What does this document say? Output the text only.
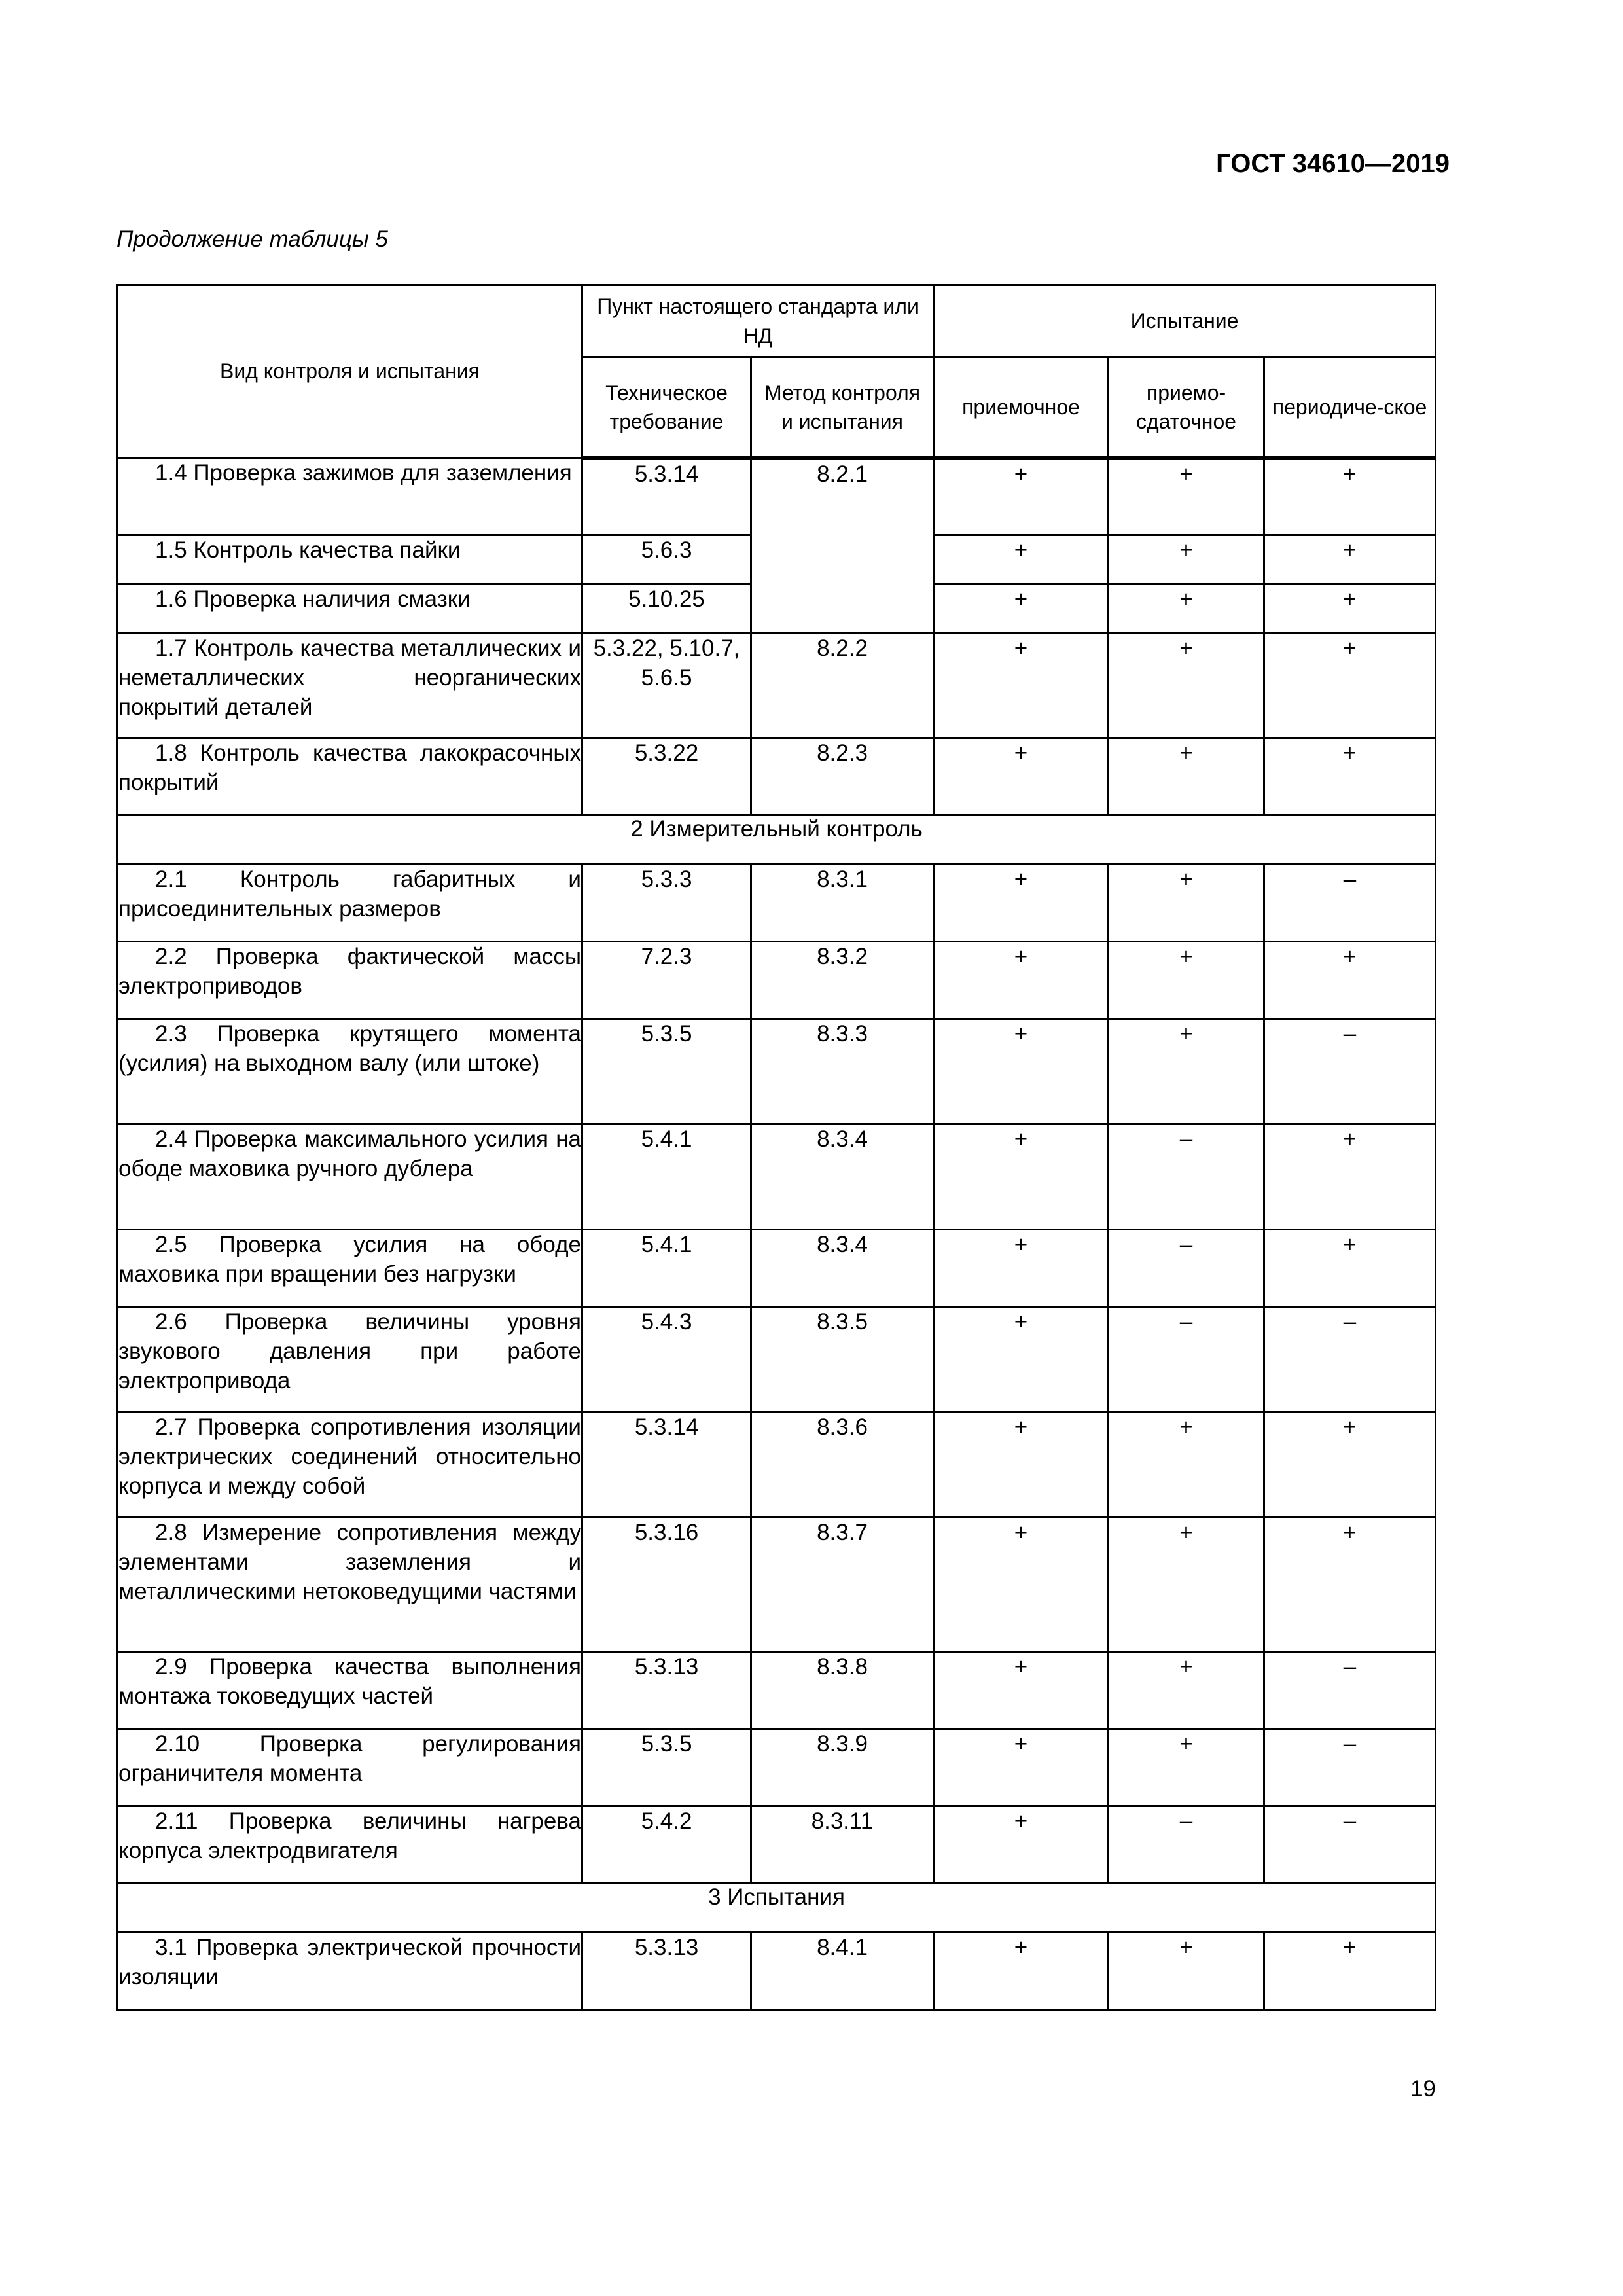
ГОСТ 34610—2019
Продолжение таблицы 5
Вид контроля и испытания	Пункт настоящего стандарта или НД		Испытание		
	Техническое требование	Метод контроля и испытания	приемочное	приемо-сдаточное	периодиче-ское
1.4 Проверка зажимов для заземления	5.3.14	8.2.1	+	+	+
1.5 Контроль качества пайки	5.6.3		+	+	+
1.6 Проверка наличия смазки	5.10.25		+	+	+
1.7 Контроль качества металлических и неметаллических неорганических покрытий деталей	5.3.22, 5.10.7, 5.6.5	8.2.2	+	+	+
1.8 Контроль качества лакокрасочных покрытий	5.3.22	8.2.3	+	+	+
2 Измерительный контроль					
2.1 Контроль габаритных и присоединительных размеров	5.3.3	8.3.1	+	+	–
2.2 Проверка фактической массы электроприводов	7.2.3	8.3.2	+	+	+
2.3 Проверка крутящего момента (усилия) на выходном валу (или штоке)	5.3.5	8.3.3	+	+	–
2.4 Проверка максимального усилия на ободе маховика ручного дублера	5.4.1	8.3.4	+	–	+
2.5 Проверка усилия на ободе маховика при вращении без нагрузки	5.4.1	8.3.4	+	–	+
2.6 Проверка величины уровня звукового давления при работе электропривода	5.4.3	8.3.5	+	–	–
2.7 Проверка сопротивления изоляции электрических соединений относительно корпуса и между собой	5.3.14	8.3.6	+	+	+
2.8 Измерение сопротивления между элементами заземления и металлическими нетоковедущими частями	5.3.16	8.3.7	+	+	+
2.9 Проверка качества выполнения монтажа токоведущих частей	5.3.13	8.3.8	+	+	–
2.10 Проверка регулирования ограничителя момента	5.3.5	8.3.9	+	+	–
2.11 Проверка величины нагрева корпуса электродвигателя	5.4.2	8.3.11	+	–	–
3 Испытания					
3.1 Проверка электрической прочности изоляции	5.3.13	8.4.1	+	+	+
19
